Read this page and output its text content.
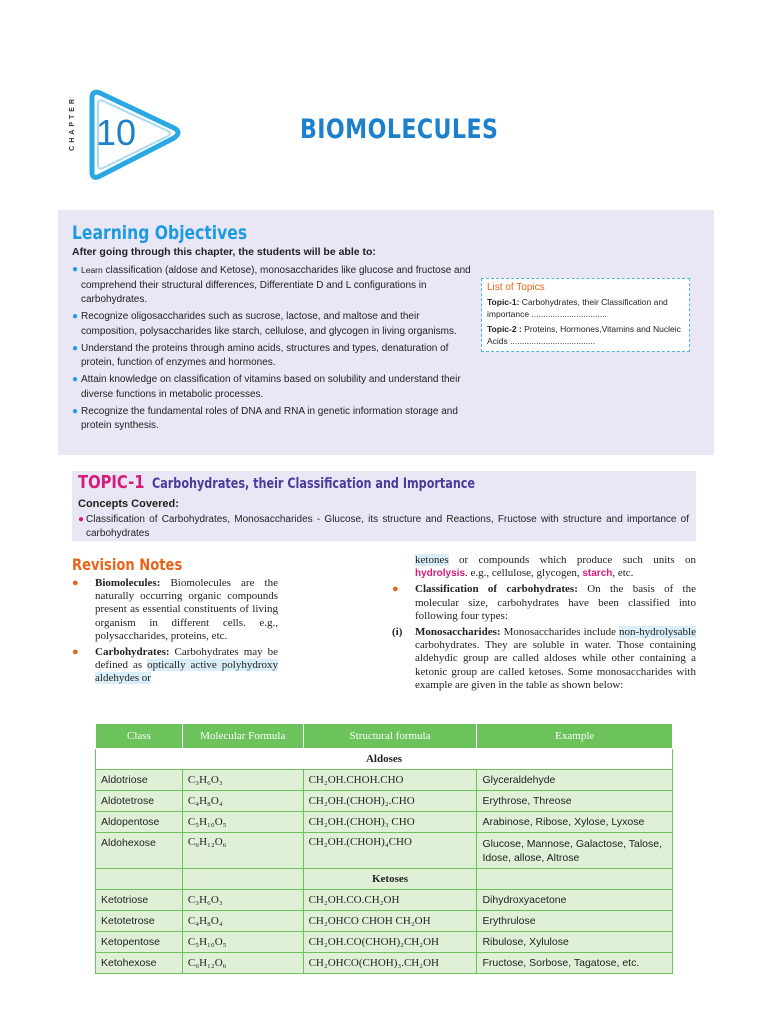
CHAPTER 10	BIOMOLECULES
Learning Objectives
After going through this chapter, the students will be able to:
● Learn classification (aldose and Ketose), monosaccharides like glucose and fructose and comprehend their structural differences, Differentiate D and L configurations in carbohydrates.
● Recognize oligosaccharides such as sucrose, lactose, and maltose and their composition, polysaccharides like starch, cellulose, and glycogen in living organisms.
● Understand the proteins through amino acids, structures and types, denaturation of protein, function of enzymes and hormones.
● Attain knowledge on classification of vitamins based on solubility and understand their diverse functions in metabolic processes.
● Recognize the fundamental roles of DNA and RNA in genetic information storage and protein synthesis.
List of Topics
Topic-1: Carbohydrates, their Classification and importance ................................
Topic-2 : Proteins, Hormones,Vitamins and Nucleic Acids ....................................
TOPIC-1 Carbohydrates, their Classification and Importance
Concepts Covered:
● Classification of Carbohydrates, Monosaccharides - Glucose, its structure and Reactions, Fructose with structure and importance of carbohydrates
Revision Notes
● Biomolecules: Biomolecules are the naturally occurring organic compounds present as essential constituents of living organism in different cells. e.g., polysaccharides, proteins, etc.
● Carbohydrates: Carbohydrates may be defined as optically active polyhydroxy aldehydes or
ketones or compounds which produce such units on hydrolysis. e.g., cellulose, glycogen, starch, etc.
● Classification of carbohydrates: On the basis of the molecular size, carbohydrates have been classified into following four types:
(i) Monosaccharides: Monosaccharides include non-hydrolysable carbohydrates. They are soluble in water. Those containing aldehydic group are called aldoses while other containing a ketonic group are called ketoses. Some monosaccharides with example are given in the table as shown below:
Class	Molecular Formula	Structural formula	Example
Aldoses			
Aldotriose	C₃H₆O₃	CH₂OH.CHOH.CHO	Glyceraldehyde
Aldotetrose	C₄H₈O₄	CH₂OH.(CHOH)₂.CHO	Erythrose, Threose
Aldopentose	C₅H₁₀O₅	CH₂OH.(CHOH)₃ CHO	Arabinose, Ribose, Xylose, Lyxose
Aldohexose	C₆H₁₂O₆	CH₂OH.(CHOH)₄CHO	Glucose, Mannose, Galactose, Talose, Idose, allose, Altrose
		Ketoses	
Ketotriose	C₃H₆O₃	CH₂OH.CO.CH₂OH	Dihydroxyacetone
Ketotetrose	C₄H₈O₄	CH₂OHCO CHOH CH₂OH	Erythrulose
Ketopentose	C₅H₁₀O₅	CH₂OH.CO(CHOH)₂CH₂OH	Ribulose, Xylulose
Ketohexose	C₆H₁₂O₆	CH₂OHCO(CHOH)₃.CH₂OH	Fructose, Sorbose, Tagatose, etc.
